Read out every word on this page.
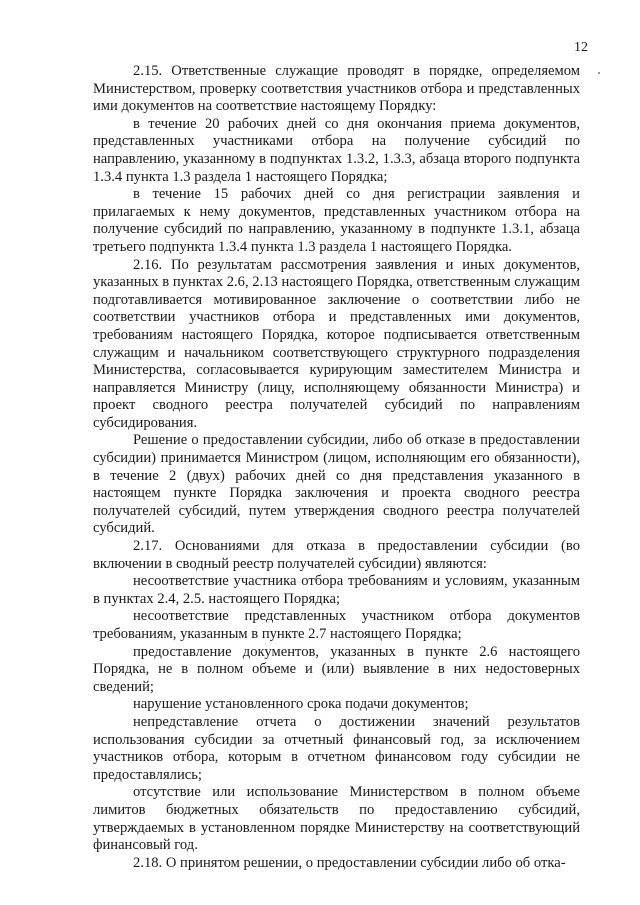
12

2.15. Ответственные служащие проводят в порядке, определяемом Министерством, проверку соответствия участников отбора и представленных ими документов на соответствие настоящему Порядку:

в течение 20 рабочих дней со дня окончания приема документов, представленных участниками отбора на получение субсидий по направлению, указанному в подпунктах 1.3.2, 1.3.3, абзаца второго подпункта 1.3.4 пункта 1.3 раздела 1 настоящего Порядка;

в течение 15 рабочих дней со дня регистрации заявления и прилагаемых к нему документов, представленных участником отбора на получение субсидий по направлению, указанному в подпункте 1.3.1, абзаца третьего подпункта 1.3.4 пункта 1.3 раздела 1 настоящего Порядка.

2.16. По результатам рассмотрения заявления и иных документов, указанных в пунктах 2.6, 2.13 настоящего Порядка, ответственным служащим подготавливается мотивированное заключение о соответствии либо не соответствии участников отбора и представленных ими документов, требованиям настоящего Порядка, которое подписывается ответственным служащим и начальником соответствующего структурного подразделения Министерства, согласовывается курирующим заместителем Министра и направляется Министру (лицу, исполняющему обязанности Министра) и проект сводного реестра получателей субсидий по направлениям субсидирования.

Решение о предоставлении субсидии, либо об отказе в предоставлении субсидии) принимается Министром (лицом, исполняющим его обязанности), в течение 2 (двух) рабочих дней со дня представления указанного в настоящем пункте Порядка заключения и проекта сводного реестра получателей субсидий, путем утверждения сводного реестра получателей субсидий.

2.17. Основаниями для отказа в предоставлении субсидии (во включении в сводный реестр получателей субсидии) являются:

несоответствие участника отбора требованиям и условиям, указанным в пунктах 2.4, 2.5. настоящего Порядка;

несоответствие представленных участником отбора документов требованиям, указанным в пункте 2.7 настоящего Порядка;

предоставление документов, указанных в пункте 2.6 настоящего Порядка, не в полном объеме и (или) выявление в них недостоверных сведений;

нарушение установленного срока подачи документов;

непредставление отчета о достижении значений результатов использования субсидии за отчетный финансовый год, за исключением участников отбора, которым в отчетном финансовом году субсидии не предоставлялись;

отсутствие или использование Министерством в полном объеме лимитов бюджетных обязательств по предоставлению субсидий, утверждаемых в установленном порядке Министерству на соответствующий финансовый год.

2.18. О принятом решении, о предоставлении субсидии либо об отка-
